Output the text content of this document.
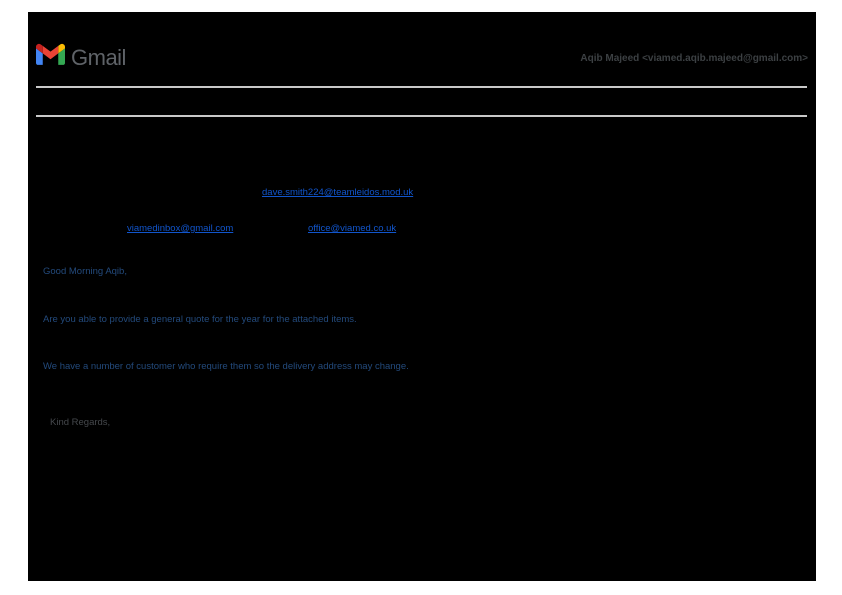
Gmail	Aqib Majeed <viamed.aqib.majeed@gmail.com>
dave.smith224@teamleidos.mod.uk
viamedinbox@gmail.com	office@viamed.co.uk
Good Morning Aqib,
Are you able to provide a general quote for the year for the attached items.
We have a number of customer who require them so the delivery address may change.
Kind Regards,
